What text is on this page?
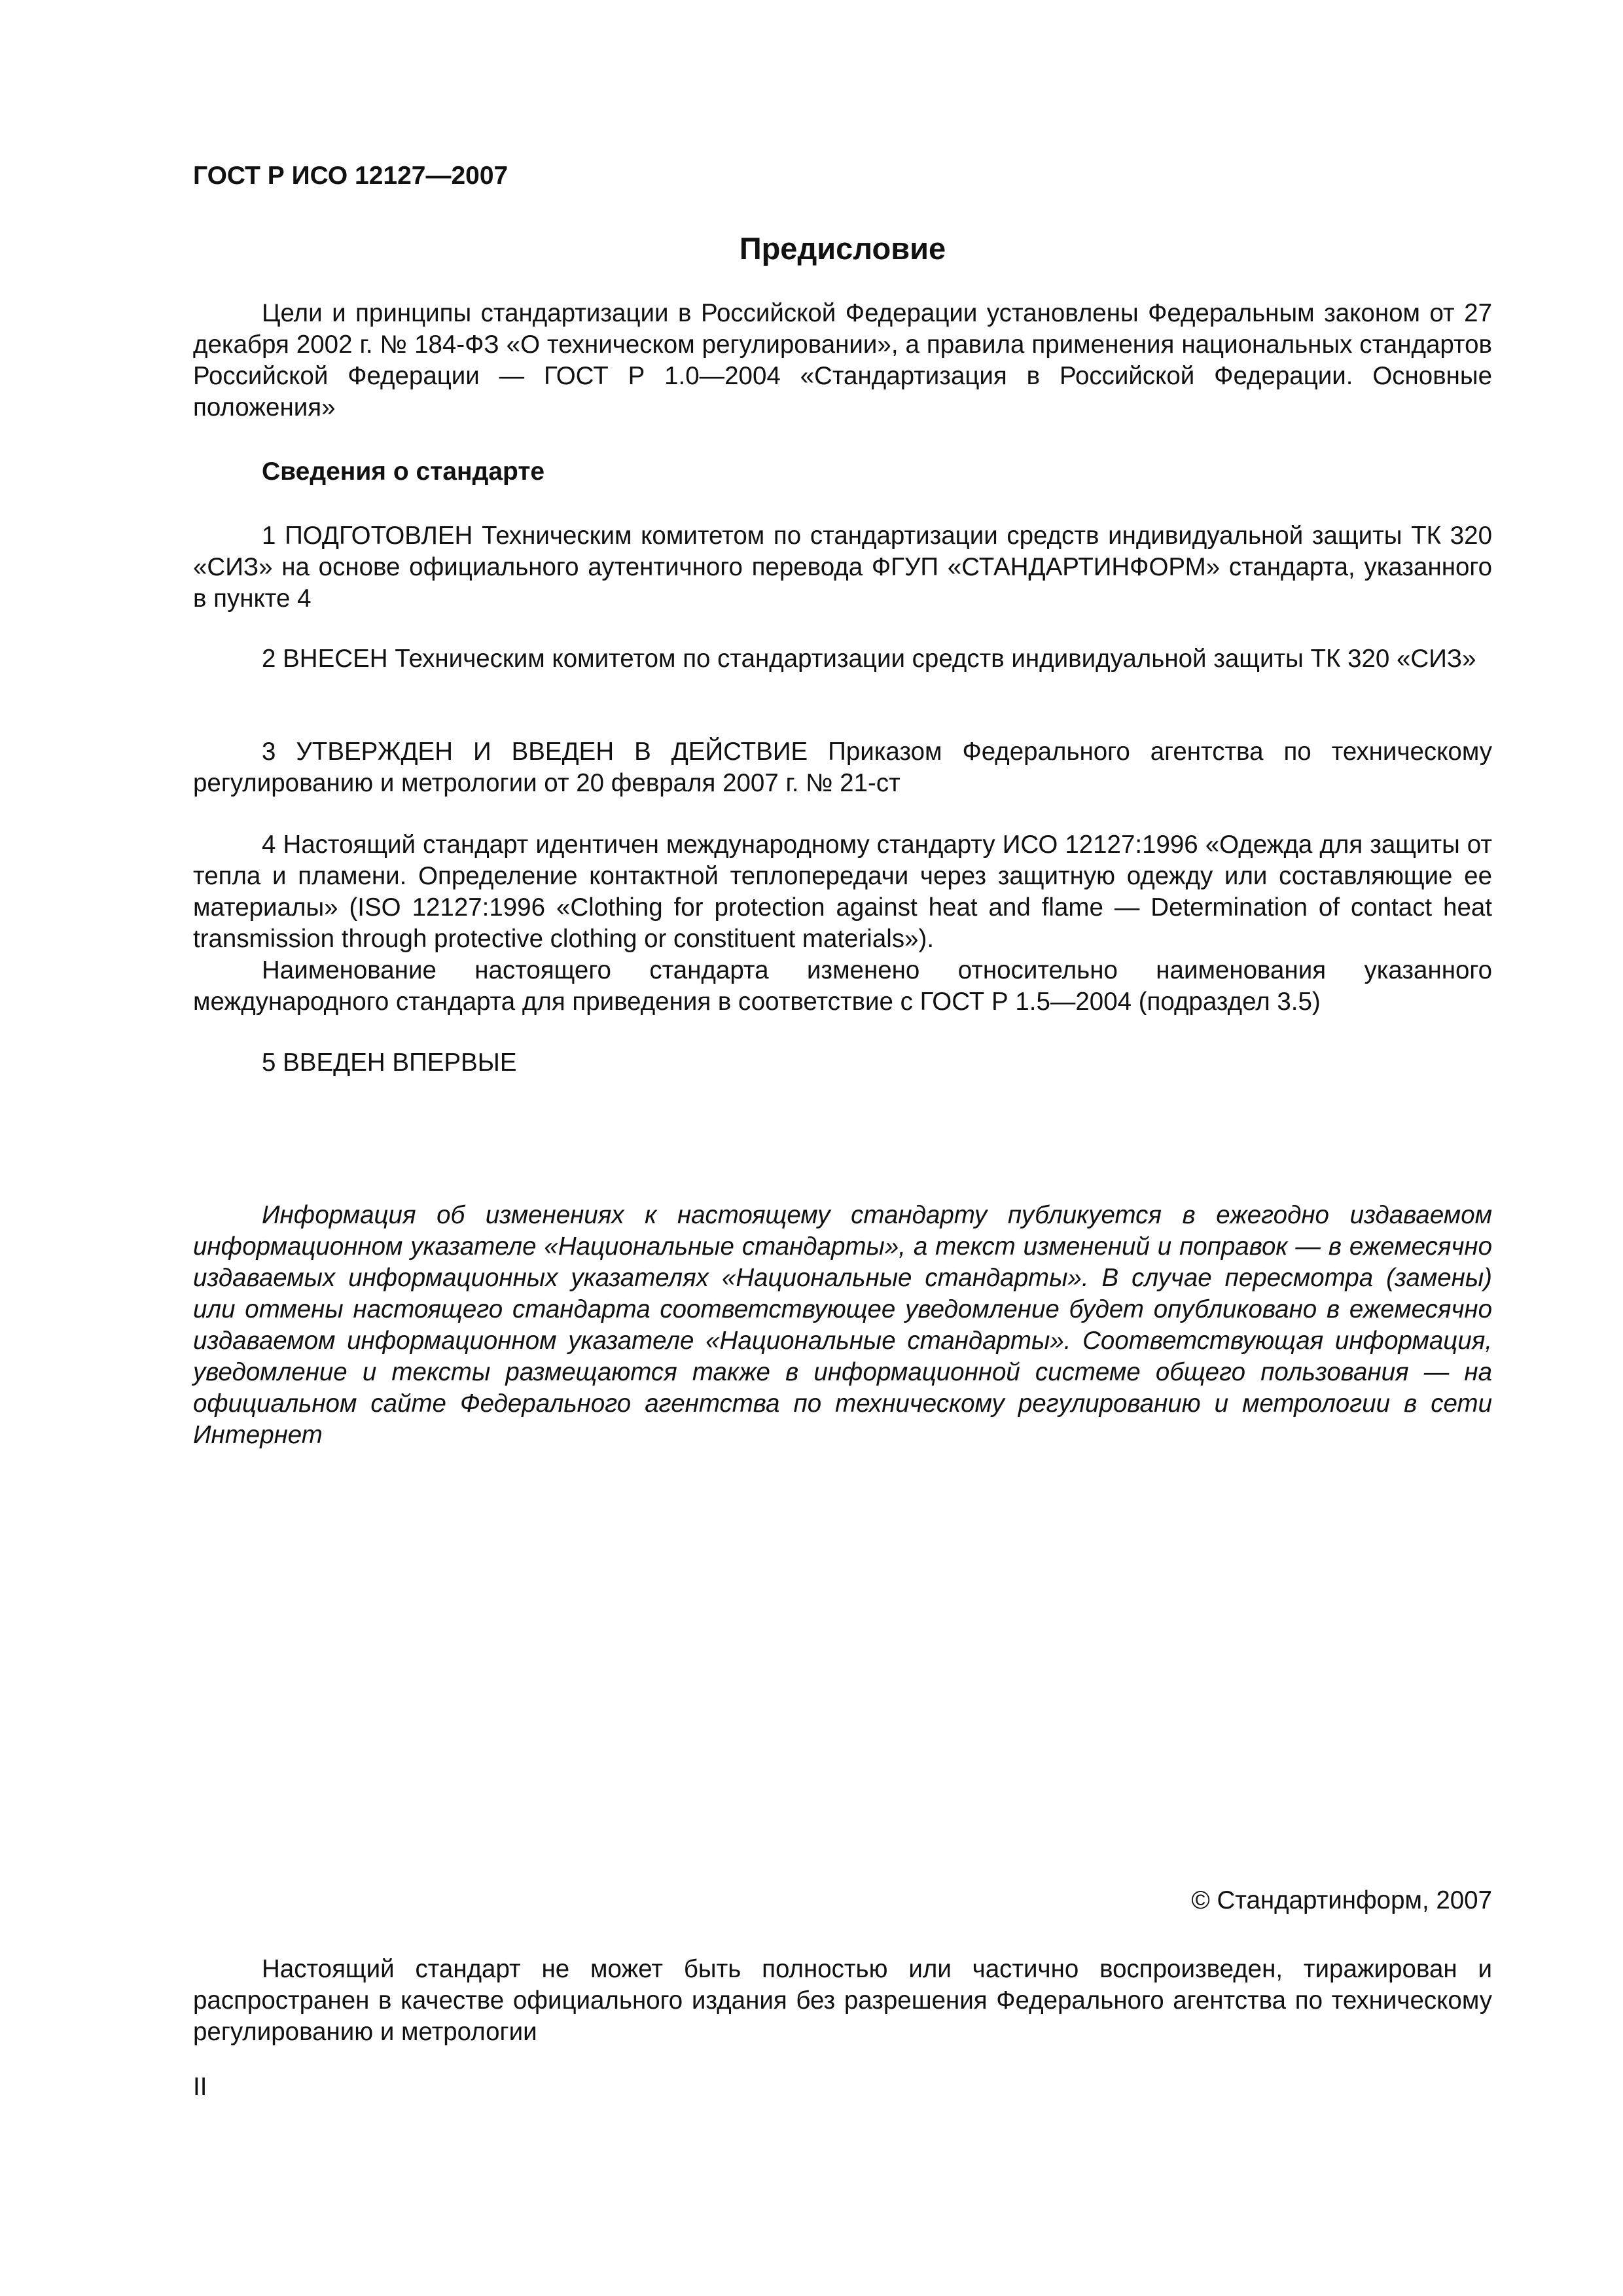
ГОСТ Р ИСО 12127—2007

Предисловие

Цели и принципы стандартизации в Российской Федерации установлены Федеральным законом от 27 декабря 2002 г. № 184-ФЗ «О техническом регулировании», а правила применения национальных стандартов Российской Федерации — ГОСТ Р 1.0—2004 «Стандартизация в Российской Федерации. Основные положения»

Сведения о стандарте

1 ПОДГОТОВЛЕН Техническим комитетом по стандартизации средств индивидуальной защиты ТК 320 «СИЗ» на основе официального аутентичного перевода ФГУП «СТАНДАРТИНФОРМ» стандарта, указанного в пункте 4

2 ВНЕСЕН Техническим комитетом по стандартизации средств индивидуальной защиты ТК 320 «СИЗ»

3 УТВЕРЖДЕН И ВВЕДЕН В ДЕЙСТВИЕ Приказом Федерального агентства по техническому регулированию и метрологии от 20 февраля 2007 г. № 21-ст

4 Настоящий стандарт идентичен международному стандарту ИСО 12127:1996 «Одежда для защиты от тепла и пламени. Определение контактной теплопередачи через защитную одежду или составляющие ее материалы» (ISO 12127:1996 «Clothing for protection against heat and flame — Determination of contact heat transmission through protective clothing or constituent materials»).

Наименование настоящего стандарта изменено относительно наименования указанного международного стандарта для приведения в соответствие с ГОСТ Р 1.5—2004 (подраздел 3.5)

5 ВВЕДЕН ВПЕРВЫЕ

Информация об изменениях к настоящему стандарту публикуется в ежегодно издаваемом информационном указателе «Национальные стандарты», а текст изменений и поправок — в ежемесячно издаваемых информационных указателях «Национальные стандарты». В случае пересмотра (замены) или отмены настоящего стандарта соответствующее уведомление будет опубликовано в ежемесячно издаваемом информационном указателе «Национальные стандарты». Соответствующая информация, уведомление и тексты размещаются также в информационной системе общего пользования — на официальном сайте Федерального агентства по техническому регулированию и метрологии в сети Интернет

© Стандартинформ, 2007

Настоящий стандарт не может быть полностью или частично воспроизведен, тиражирован и распространен в качестве официального издания без разрешения Федерального агентства по техническому регулированию и метрологии

II
